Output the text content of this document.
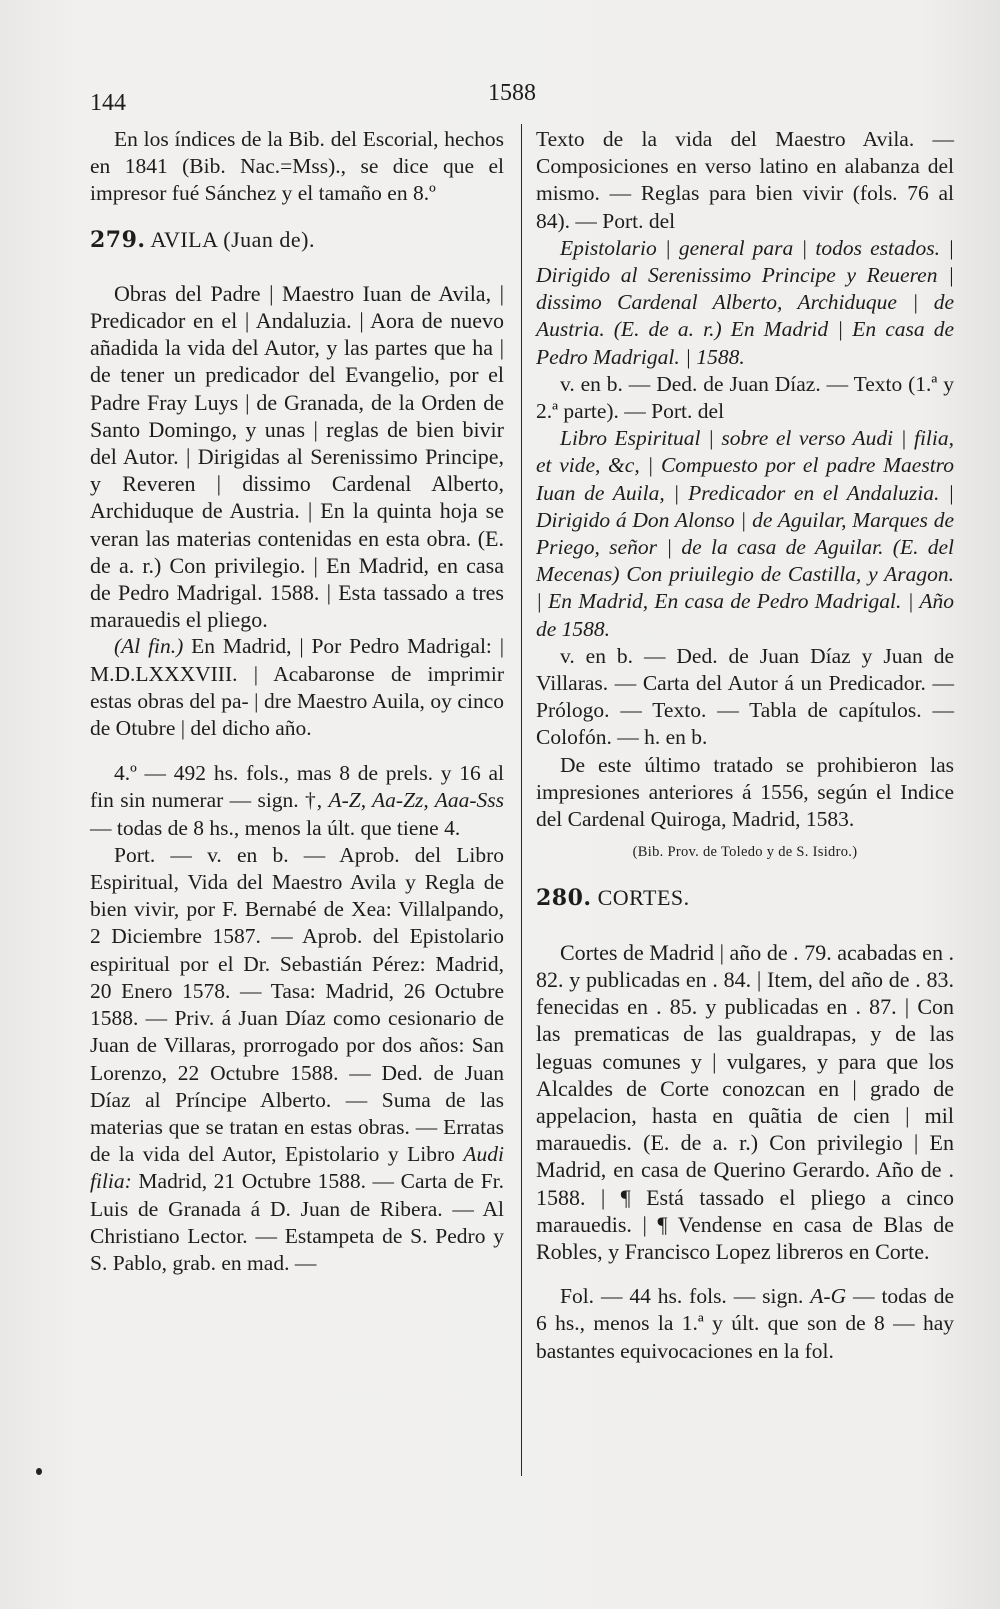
144	1588

En los índices de la Bib. del Escorial, hechos en 1841 (Bib. Nac.=Mss)., se dice que el impresor fué Sánchez y el tamaño en 8.º

279. AVILA (Juan de).

Obras del Padre | Maestro Iuan de Avila, | Predicador en el | Andaluzia. | Aora de nuevo añadida la vida del Autor, y las partes que ha | de tener un predicador del Evangelio, por el Padre Fray Luys | de Granada, de la Orden de Santo Domingo, y unas | reglas de bien bivir del Autor. | Dirigidas al Serenissimo Principe, y Reveren | dissimo Cardenal Alberto, Archiduque de Austria. | En la quinta hoja se veran las materias contenidas en esta obra. (E. de a. r.) Con privilegio. | En Madrid, en casa de Pedro Madrigal. 1588. | Esta tassado a tres marauedis el pliego.

(Al fin.) En Madrid, | Por Pedro Madrigal: | M.D.LXXXVIII. | Acabaronse de imprimir estas obras del pa- | dre Maestro Auila, oy cinco de Otubre | del dicho año.

4.º — 492 hs. fols., mas 8 de prels. y 16 al fin sin numerar — sign. †, A-Z, Aa-Zz, Aaa-Sss — todas de 8 hs., menos la últ. que tiene 4.

Port. — v. en b. — Aprob. del Libro Espiritual, Vida del Maestro Avila y Regla de bien vivir, por F. Bernabé de Xea: Villalpando, 2 Diciembre 1587. — Aprob. del Epistolario espiritual por el Dr. Sebastián Pérez: Madrid, 20 Enero 1578. — Tasa: Madrid, 26 Octubre 1588. — Priv. á Juan Díaz como cesionario de Juan de Villaras, prorrogado por dos años: San Lorenzo, 22 Octubre 1588. — Ded. de Juan Díaz al Príncipe Alberto. — Suma de las materias que se tratan en estas obras. — Erratas de la vida del Autor, Epistolario y Libro Audi filia: Madrid, 21 Octubre 1588. — Carta de Fr. Luis de Granada á D. Juan de Ribera. — Al Christiano Lector. — Estampeta de S. Pedro y S. Pablo, grab. en mad. —

Texto de la vida del Maestro Avila. — Composiciones en verso latino en alabanza del mismo. — Reglas para bien vivir (fols. 76 al 84). — Port. del

Epistolario | general para | todos estados. | Dirigido al Serenissimo Principe y Reueren | dissimo Cardenal Alberto, Archiduque | de Austria. (E. de a. r.) En Madrid | En casa de Pedro Madrigal. | 1588.

v. en b. — Ded. de Juan Díaz. — Texto (1.ª y 2.ª parte). — Port. del

Libro Espiritual | sobre el verso Audi | filia, et vide, &c, | Compuesto por el padre Maestro Iuan de Auila, | Predicador en el Andaluzia. | Dirigido á Don Alonso | de Aguilar, Marques de Priego, señor | de la casa de Aguilar. (E. del Mecenas) Con priuilegio de Castilla, y Aragon. | En Madrid, En casa de Pedro Madrigal. | Año de 1588.

v. en b. — Ded. de Juan Díaz y Juan de Villaras. — Carta del Autor á un Predicador. — Prólogo. — Texto. — Tabla de capítulos. — Colofón. — h. en b.

De este último tratado se prohibieron las impresiones anteriores á 1556, según el Indice del Cardenal Quiroga, Madrid, 1583.

(Bib. Prov. de Toledo y de S. Isidro.)

280. CORTES.

Cortes de Madrid | año de . 79. acabadas en . 82. y publicadas en . 84. | Item, del año de . 83. fenecidas en . 85. y publicadas en . 87. | Con las prematicas de las gualdrapas, y de las leguas comunes y | vulgares, y para que los Alcaldes de Corte conozcan en | grado de appelacion, hasta en quãtia de cien | mil marauedis. (E. de a. r.) Con privilegio | En Madrid, en casa de Querino Gerardo. Año de . 1588. | ¶ Está tassado el pliego a cinco marauedis. | ¶ Vendense en casa de Blas de Robles, y Francisco Lopez libreros en Corte.

Fol. — 44 hs. fols. — sign. A-G — todas de 6 hs., menos la 1.ª y últ. que son de 8 — hay bastantes equivocaciones en la fol.
